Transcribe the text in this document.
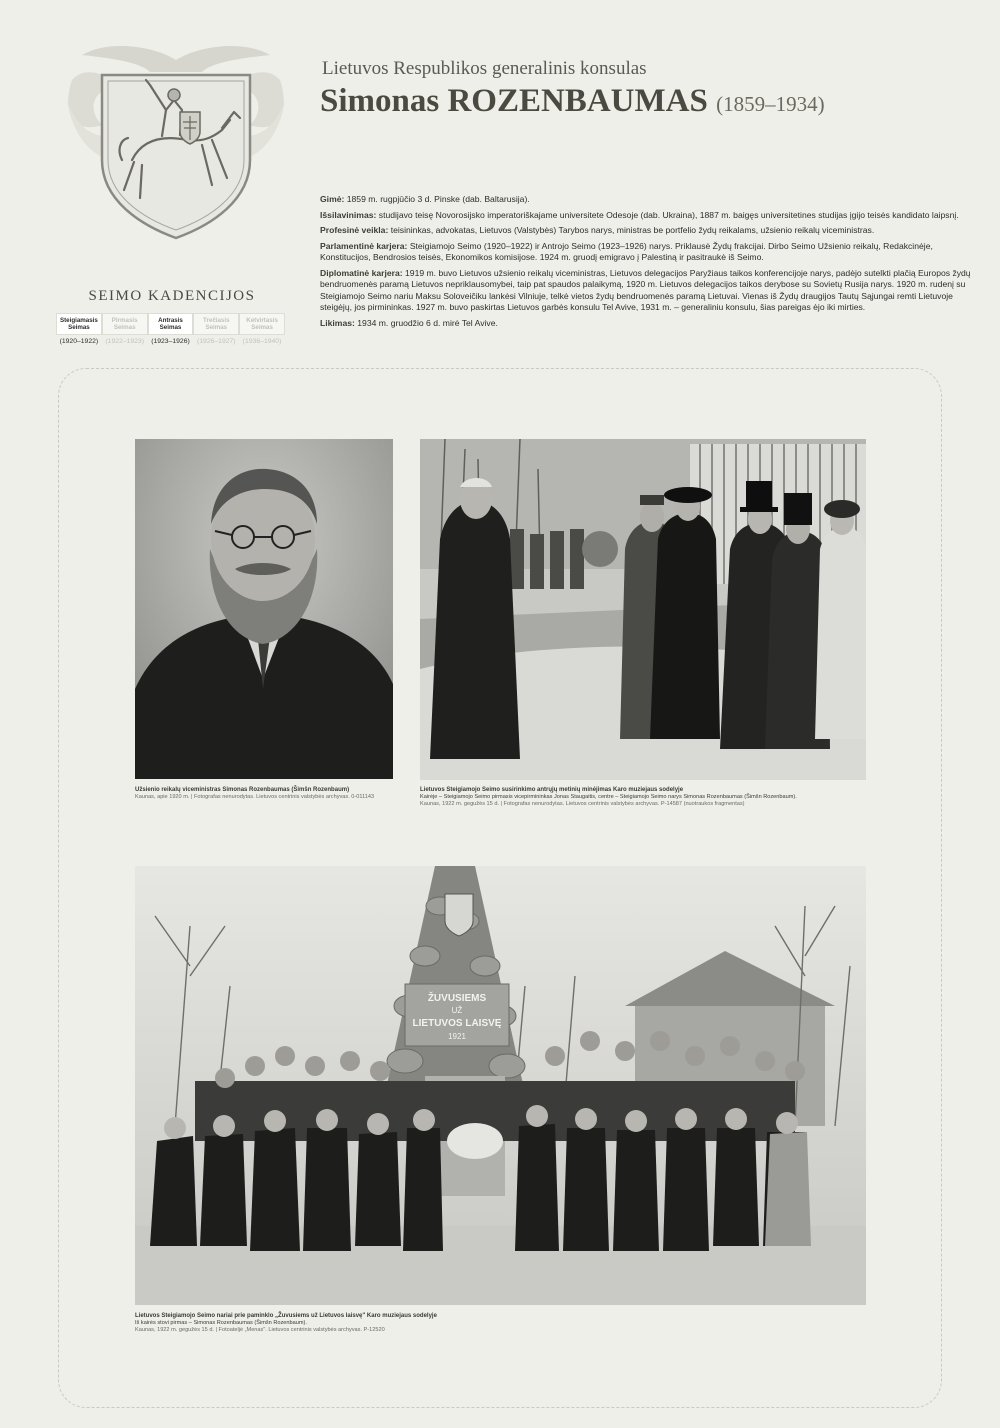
Lietuvos Respublikos generalinis konsulas
Simonas ROZENBAUMAS (1859–1934)

Gimė: 1859 m. rugpjūčio 3 d. Pinske (dab. Baltarusija).

Išsilavinimas: studijavo teisę Novorosijsko imperatoriškajame universitete Odesoje (dab. Ukraina), 1887 m. baigęs universitetines studijas įgijo teisės kandidato laipsnį.

Profesinė veikla: teisininkas, advokatas, Lietuvos (Valstybės) Tarybos narys, ministras be portfelio žydų reikalams, užsienio reikalų viceministras.

Parlamentinė karjera: Steigiamojo Seimo (1920–1922) ir Antrojo Seimo (1923–1926) narys. Priklausė Žydų frakcijai. Dirbo Seimo Užsienio reikalų, Redakcinėje, Konstitucijos, Bendrosios teisės, Ekonomikos komisijose. 1924 m. gruodį emigravo į Palestiną ir pasitraukė iš Seimo.

Diplomatinė karjera: 1919 m. buvo Lietuvos užsienio reikalų viceministras, Lietuvos delegacijos Paryžiaus taikos konferencijoje narys, padėjo sutelkti plačią Europos žydų bendruomenės paramą Lietuvos nepriklausomybei, taip pat spaudos palaikymą, 1920 m. Lietuvos delegacijos taikos derybose su Sovietų Rusija narys. 1920 m. rudenį su Steigiamojo Seimo nariu Maksu Soloveičiku lankėsi Vilniuje, telkė vietos žydų bendruomenės paramą Lietuvai. Vienas iš Žydų draugijos Tautų Sąjungai remti Lietuvoje steigėjų, jos pirmininkas. 1927 m. buvo paskirtas Lietuvos garbės konsulu Tel Avive, 1931 m. – generaliniu konsulu, šias pareigas ėjo iki mirties.

Likimas: 1934 m. gruodžio 6 d. mirė Tel Avive.

SEIMO KADENCIJOS
Steigiamasis Seimas
(1920–1922)
Pirmasis Seimas
(1922–1923)
Antrasis Seimas
(1923–1926)
Trečiasis Seimas
(1926–1927)
Ketvirtasis Seimas
(1936–1940)
Užsienio reikalų viceministras Simonas Rozenbaumas (Šimšn Rozenbaum)
Kaunas, apie 1920 m. | Fotografas nenurodytas. Lietuvos centrinis valstybės archyvas. 0-011143
Lietuvos Steigiamojo Seimo susirinkimo antrųjų metinių minėjimas Karo muziejaus sodelyje
Kairėje – Steigiamojo Seimo pirmasis vicepirmininkas Jonas Staugaitis, centre – Steigiamojo Seimo narys Simonas Rozenbaumas (Šimšn Rozenbaum).
Kaunas, 1922 m. gegužės 15 d. | Fotografas nenurodytas. Lietuvos centrinis valstybės archyvas. P-14587 (nuotraukos fragmentas)
ŽUVUSIEMS
UŽ
LIETUVOS LAISVĘ
1921
Lietuvos Steigiamojo Seimo nariai prie paminklo „Žuvusiems už Lietuvos laisvę" Karo muziejaus sodelyje
Iš kairės stovi pirmas – Simonas Rozenbaumas (Šimšn Rozenbaum).
Kaunas, 1922 m. gegužės 15 d. | Fotoateljė „Menas". Lietuvos centrinis valstybės archyvas. P-12520
